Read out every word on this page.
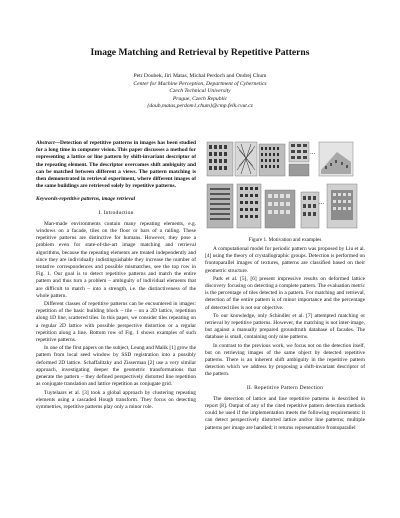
Image Matching and Retrieval by Repetitive Patterns
Petr Doubek, Jiri Matas, Michal Perdoch and Ondrej Chum
Center for Machine Perception, Department of Cybernetics
Czech Technical University
Prague, Czech Republic
{doub,matas,perdom1,chum}@cmp.felk.cvut.cz
Abstract—Detection of repetitive patterns in images has been studied for a long time in computer vision. This paper discusses a method for representing a lattice or line pattern by shift-invariant descriptor of the repeating element. The descriptor overcomes shift ambiguity and can be matched between different a views. The pattern matching is then demonstrated in retrieval experiment, where different images of the same buildings are retrieved solely by repetitive patterns.
Keywords-repetitive patterns, image retrieval
I. Introduction

Man-made environments contain many repeating elements, e.g. windows on a facade, tiles on the floor or bars of a railing. These repetitive patterns are distinctive for humans. However, they pose a problem even for state-of-the-art image matching and retrieval algorithms, because the repeating elements are treated independently and since they are individually indistinguishable they increase the number of tentative correspondences and possible mismatches, see the top row in Fig. 1. Our goal is to detect repetitive patterns and match the entire pattern and thus turn a problem – ambiguity of individual elements that are difficult to match – into a strength, i.e. the distinctiveness of the whole pattern.

Different classes of repetitive patterns can be encountered in images: repetition of the basic building block – tile – on a 2D lattice, repetition along 1D line, scattered tiles. In this paper, we consider tiles repeating on a regular 2D lattice with possible perspective distortion or a regular repetition along a line. Bottom row of Fig. 1 shows examples of such repetitive patterns.

In one of the first papers on the subject, Leung and Malik [1] grow the pattern from local seed window by SSD registration into a possibly deformed 2D lattice. Schaffalitzky and Zisserman [2] use a very similar approach, investigating deeper the geometric transformations that generate the pattern – they defined perspectively distorted line repetition as conjugate translation and lattice repetition as conjugate grid.

Tuytelaars et al. [3] took a global approach by clustering repeating elements using a cascaded Hough transform. They focus on detecting symmetries, repetitive patterns play only a minor role.

...
...
Figure 1. Motivation and examples

A computational model for periodic pattern was proposed by Liu et al. [4] using the theory of crystallographic groups. Detection is performed on frontoparallel images of textures, patterns are classified based on their geometric structure.

Park et al. [5], [6] present impressive results on deformed lattice discovery focusing on detecting a complete pattern. The evaluation metric is the percentage of tiles detected in a pattern. For matching and retrieval, detection of the entire pattern is of minor importance and the percentage of detected tiles is not our objective.

To our knowledge, only Schindler et al. [7] attempted matching or retrieval by repetitive patterns. However, the matching is not inter-image, but against a manually prepared groundtruth database of facades. The database is small, containing only nine patterns.

In contrast to the previous work, we focus not on the detection itself, but on retrieving images of the same object by detected repetitive patterns. There is an inherent shift ambiguity in the repetitive pattern detection which we address by proposing a shift-invariant descriptor of the pattern.

II. Repetitive Pattern Detection

The detection of lattice and line repetitive patterns is described in report [8]. Output of any of the cited repetitive pattern detection methods could be used if the implementation meets the following requirements: it can detect perspectively distorted lattice and/or line patterns; multiple patterns per image are handled; it returns representative frontoparallel
